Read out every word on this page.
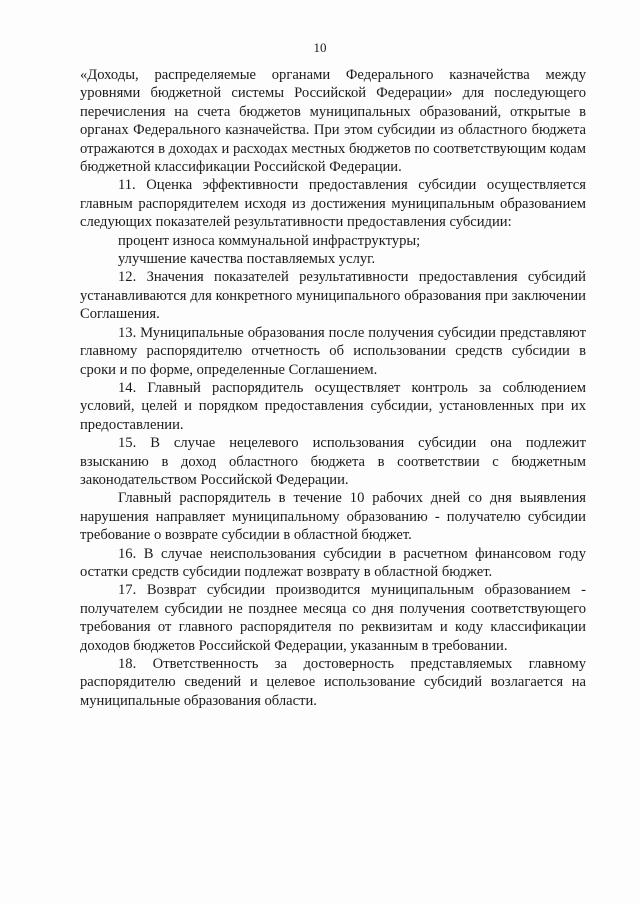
10

«Доходы, распределяемые органами Федерального казначейства между уровнями бюджетной системы Российской Федерации» для последующего перечисления на счета бюджетов муниципальных образований, открытые в органах Федерального казначейства. При этом субсидии из областного бюджета отражаются в доходах и расходах местных бюджетов по соответствующим кодам бюджетной классификации Российской Федерации.

11. Оценка эффективности предоставления субсидии осуществляется главным распорядителем исходя из достижения муниципальным образованием следующих показателей результативности предоставления субсидии:

процент износа коммунальной инфраструктуры;

улучшение качества поставляемых услуг.

12. Значения показателей результативности предоставления субсидий устанавливаются для конкретного муниципального образования при заключении Соглашения.

13. Муниципальные образования после получения субсидии представляют главному распорядителю отчетность об использовании средств субсидии в сроки и по форме, определенные Соглашением.

14. Главный распорядитель осуществляет контроль за соблюдением условий, целей и порядком предоставления субсидии, установленных при их предоставлении.

15. В случае нецелевого использования субсидии она подлежит взысканию в доход областного бюджета в соответствии с бюджетным законодательством Российской Федерации.

Главный распорядитель в течение 10 рабочих дней со дня выявления нарушения направляет муниципальному образованию - получателю субсидии требование о возврате субсидии в областной бюджет.

16. В случае неиспользования субсидии в расчетном финансовом году остатки средств субсидии подлежат возврату в областной бюджет.

17. Возврат субсидии производится муниципальным образованием - получателем субсидии не позднее месяца со дня получения соответствующего требования от главного распорядителя по реквизитам и коду классификации доходов бюджетов Российской Федерации, указанным в требовании.

18. Ответственность за достоверность представляемых главному распорядителю сведений и целевое использование субсидий возлагается на муниципальные образования области.
